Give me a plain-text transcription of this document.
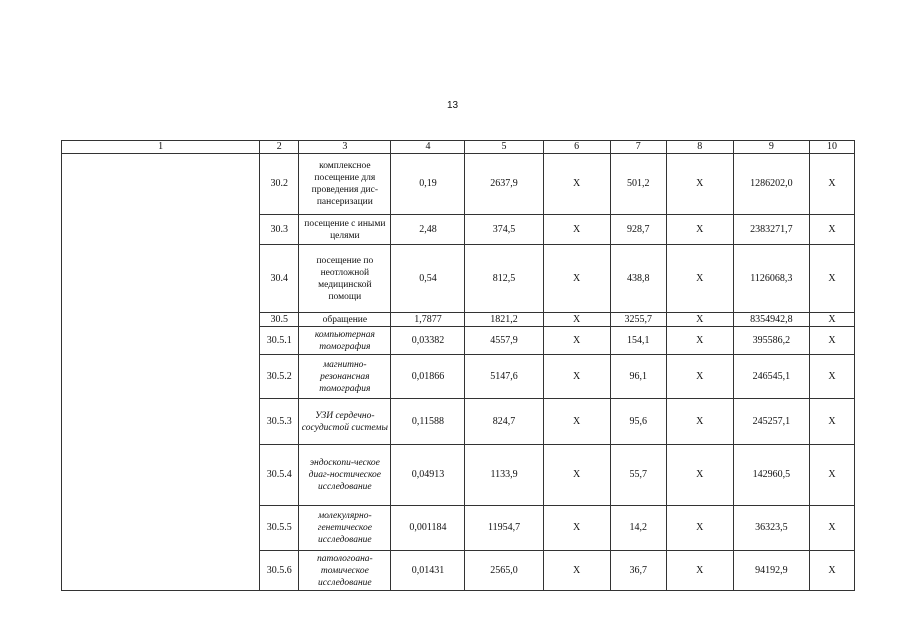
13
1	2	3	4	5	6	7	8	9	10
	30.2	комплексное посещение для проведения дис-пансеризации	0,19	2637,9	Х	501,2	Х	1286202,0	Х
	30.3	посещение с иными целями	2,48	374,5	Х	928,7	Х	2383271,7	Х
	30.4	посещение по неотложной медицинской помощи	0,54	812,5	Х	438,8	Х	1126068,3	Х
	30.5	обращение	1,7877	1821,2	Х	3255,7	Х	8354942,8	Х
	30.5.1	компьютерная томография	0,03382	4557,9	Х	154,1	Х	395586,2	Х
	30.5.2	магнитно-резонансная томография	0,01866	5147,6	Х	96,1	Х	246545,1	Х
	30.5.3	УЗИ сердечно-сосудистой системы	0,11588	824,7	Х	95,6	Х	245257,1	Х
	30.5.4	эндоскопи-ческое диаг-ностическое исследование	0,04913	1133,9	Х	55,7	Х	142960,5	Х
	30.5.5	молекулярно-генетическое исследование	0,001184	11954,7	Х	14,2	Х	36323,5	Х
	30.5.6	патологоана-томическое исследование	0,01431	2565,0	Х	36,7	Х	94192,9	Х
